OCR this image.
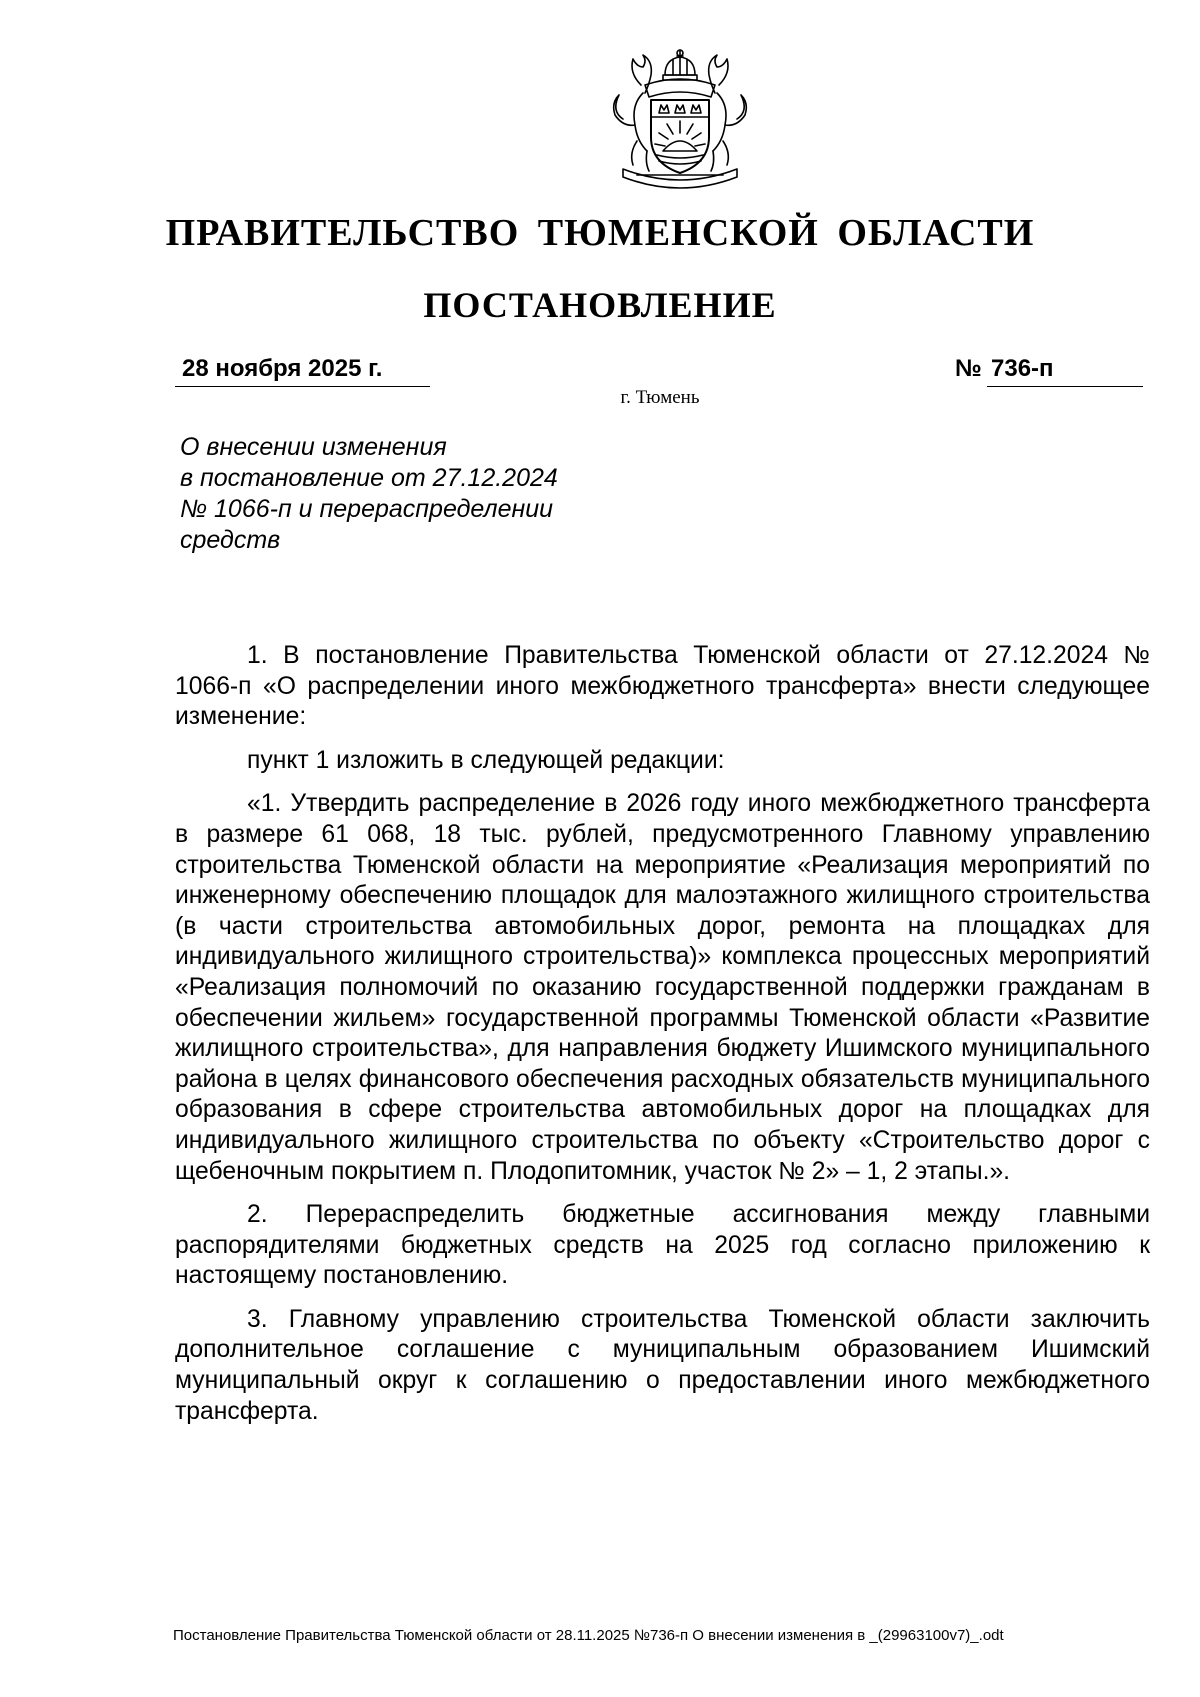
ПРАВИТЕЛЬСТВО ТЮМЕНСКОЙ ОБЛАСТИ
ПОСТАНОВЛЕНИЕ
28 ноября 2025 г.	№ 736-п
г. Тюмень
О внесении изменения
в постановление от 27.12.2024
№ 1066-п и перераспределении
средств

1. В постановление Правительства Тюменской области от 27.12.2024 № 1066-п «О распределении иного межбюджетного трансферта» внести следующее изменение:

пункт 1 изложить в следующей редакции:

«1. Утвердить распределение в 2026 году иного межбюджетного трансферта в размере 61 068, 18 тыс. рублей, предусмотренного Главному управлению строительства Тюменской области на мероприятие «Реализация мероприятий по инженерному обеспечению площадок для малоэтажного жилищного строительства (в части строительства автомобильных дорог, ремонта на площадках для индивидуального жилищного строительства)» комплекса процессных мероприятий «Реализация полномочий по оказанию государственной поддержки гражданам в обеспечении жильем» государственной программы Тюменской области «Развитие жилищного строительства», для направления бюджету Ишимского муниципального района в целях финансового обеспечения расходных обязательств муниципального образования в сфере строительства автомобильных дорог на площадках для индивидуального жилищного строительства по объекту «Строительство дорог с щебеночным покрытием п. Плодопитомник, участок № 2» – 1, 2 этапы.».

2. Перераспределить бюджетные ассигнования между главными распорядителями бюджетных средств на 2025 год согласно приложению к настоящему постановлению.

3. Главному управлению строительства Тюменской области заключить дополнительное соглашение с муниципальным образованием Ишимский муниципальный округ к соглашению о предоставлении иного межбюджетного трансферта.

Постановление Правительства Тюменской области от 28.11.2025 №736-п О внесении изменения в _(29963100v7)_.odt
